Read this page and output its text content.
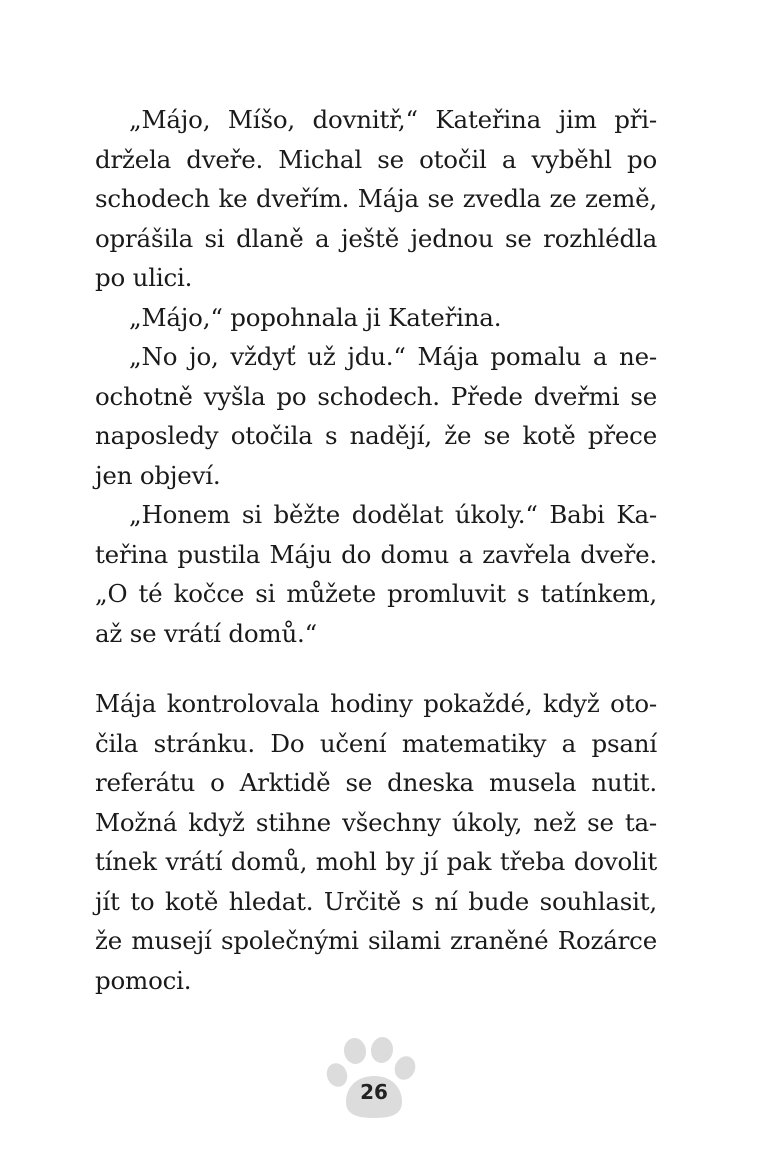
„Májo, Míšo, dovnitř,“ Kateřina jim při-
držela dveře. Michal se otočil a vyběhl po
schodech ke dveřím. Mája se zvedla ze země,
oprášila si dlaně a ještě jednou se rozhlédla
po ulici.
„Májo,“ popohnala ji Kateřina.
„No jo, vždyť už jdu.“ Mája pomalu a ne-
ochotně vyšla po schodech. Přede dveřmi se
naposledy otočila s nadějí, že se kotě přece
jen objeví.
„Honem si běžte dodělat úkoly.“ Babi Ka-
teřina pustila Máju do domu a zavřela dveře.
„O té kočce si můžete promluvit s tatínkem,
až se vrátí domů.“
Mája kontrolovala hodiny pokaždé, když oto-
čila stránku. Do učení matematiky a psaní
referátu o Arktidě se dneska musela nutit.
Možná když stihne všechny úkoly, než se ta-
tínek vrátí domů, mohl by jí pak třeba dovolit
jít to kotě hledat. Určitě s ní bude souhlasit,
že musejí společnými silami zraněné Rozárce
pomoci.
26
